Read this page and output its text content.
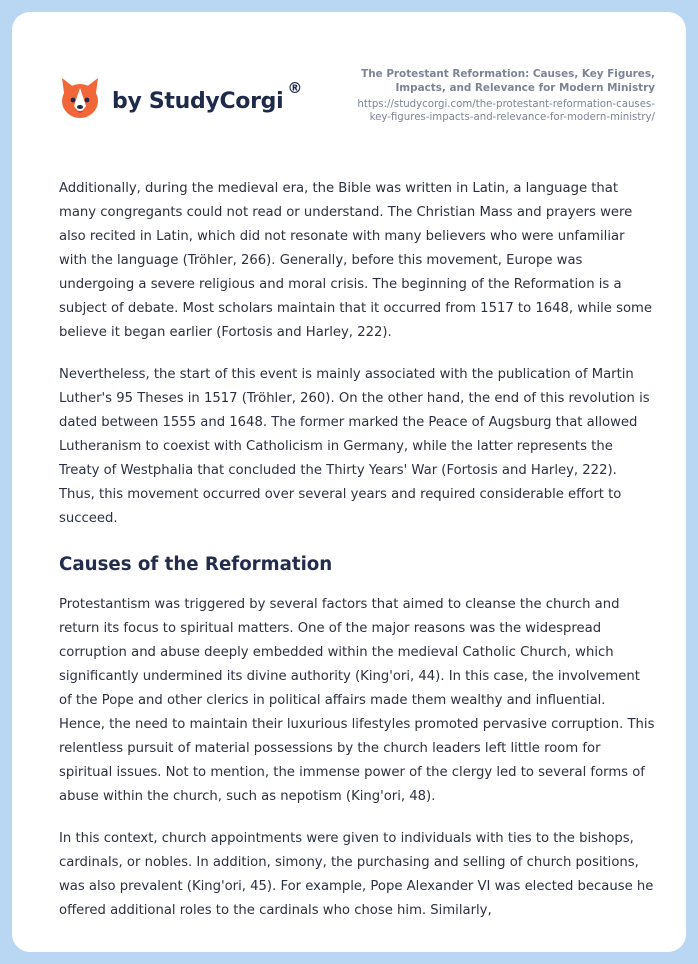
by StudyCorgi®
The Protestant Reformation: Causes, Key Figures,
Impacts, and Relevance for Modern Ministry
https://studycorgi.com/the-protestant-reformation-causes-
key-figures-impacts-and-relevance-for-modern-ministry/

Additionally, during the medieval era, the Bible was written in Latin, a language that many congregants could not read or understand. The Christian Mass and prayers were also recited in Latin, which did not resonate with many believers who were unfamiliar with the language (Tröhler, 266). Generally, before this movement, Europe was undergoing a severe religious and moral crisis. The beginning of the Reformation is a subject of debate. Most scholars maintain that it occurred from 1517 to 1648, while some believe it began earlier (Fortosis and Harley, 222).

Nevertheless, the start of this event is mainly associated with the publication of Martin Luther's 95 Theses in 1517 (Tröhler, 260). On the other hand, the end of this revolution is dated between 1555 and 1648. The former marked the Peace of Augsburg that allowed Lutheranism to coexist with Catholicism in Germany, while the latter represents the Treaty of Westphalia that concluded the Thirty Years' War (Fortosis and Harley, 222). Thus, this movement occurred over several years and required considerable effort to succeed.

Causes of the Reformation

Protestantism was triggered by several factors that aimed to cleanse the church and return its focus to spiritual matters. One of the major reasons was the widespread corruption and abuse deeply embedded within the medieval Catholic Church, which significantly undermined its divine authority (King'ori, 44). In this case, the involvement of the Pope and other clerics in political affairs made them wealthy and influential. Hence, the need to maintain their luxurious lifestyles promoted pervasive corruption. This relentless pursuit of material possessions by the church leaders left little room for spiritual issues. Not to mention, the immense power of the clergy led to several forms of abuse within the church, such as nepotism (King'ori, 48).

In this context, church appointments were given to individuals with ties to the bishops, cardinals, or nobles. In addition, simony, the purchasing and selling of church positions, was also prevalent (King'ori, 45). For example, Pope Alexander VI was elected because he offered additional roles to the cardinals who chose him. Similarly,
